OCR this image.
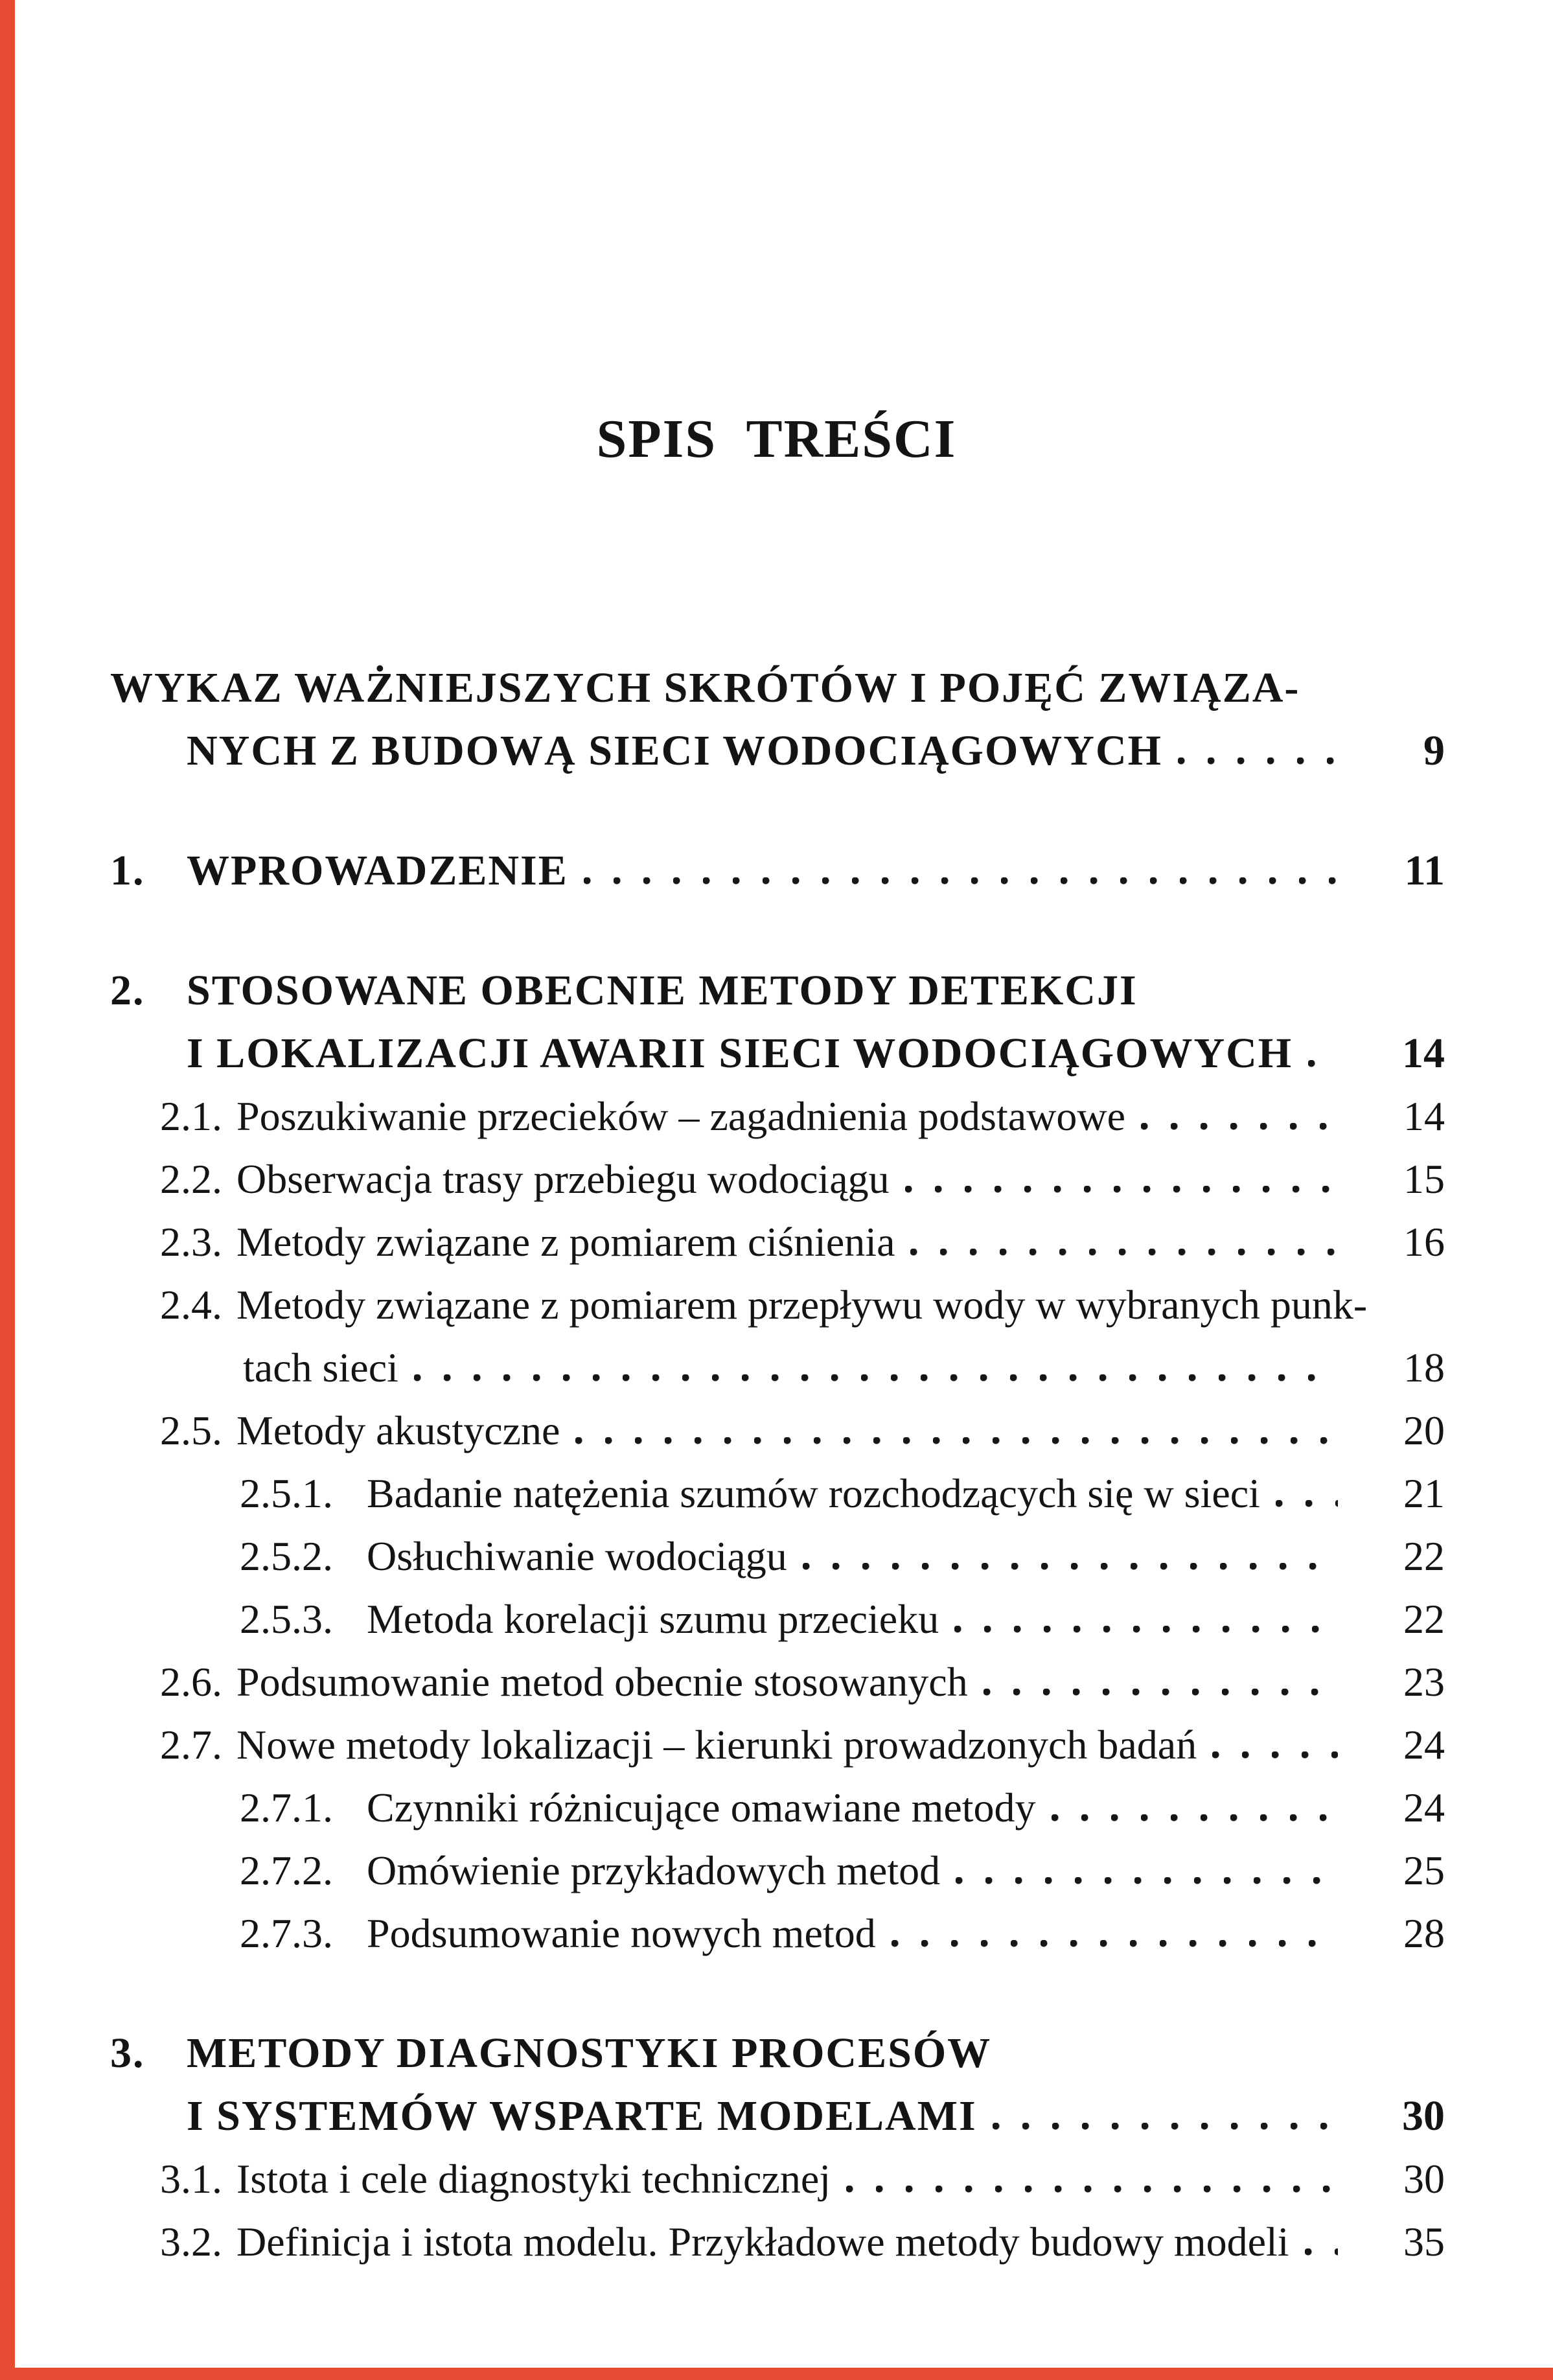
SPIS TREŚCI
WYKAZ WAŻNIEJSZYCH SKRÓTÓW I POJĘĆ ZWIĄZA-
NYCH Z BUDOWĄ SIECI WODOCIĄGOWYCH	9
1. WPROWADZENIE	11
2. STOSOWANE OBECNIE METODY DETEKCJI
I LOKALIZACJI AWARII SIECI WODOCIĄGOWYCH	14
2.1. Poszukiwanie przecieków – zagadnienia podstawowe	14
2.2. Obserwacja trasy przebiegu wodociągu	15
2.3. Metody związane z pomiarem ciśnienia	16
2.4. Metody związane z pomiarem przepływu wody w wybranych punk-
tach sieci	18
2.5. Metody akustyczne	20
2.5.1. Badanie natężenia szumów rozchodzących się w sieci	21
2.5.2. Osłuchiwanie wodociągu	22
2.5.3. Metoda korelacji szumu przecieku	22
2.6. Podsumowanie metod obecnie stosowanych	23
2.7. Nowe metody lokalizacji – kierunki prowadzonych badań	24
2.7.1. Czynniki różnicujące omawiane metody	24
2.7.2. Omówienie przykładowych metod	25
2.7.3. Podsumowanie nowych metod	28
3. METODY DIAGNOSTYKI PROCESÓW
I SYSTEMÓW WSPARTE MODELAMI	30
3.1. Istota i cele diagnostyki technicznej	30
3.2. Definicja i istota modelu. Przykładowe metody budowy modeli	35
